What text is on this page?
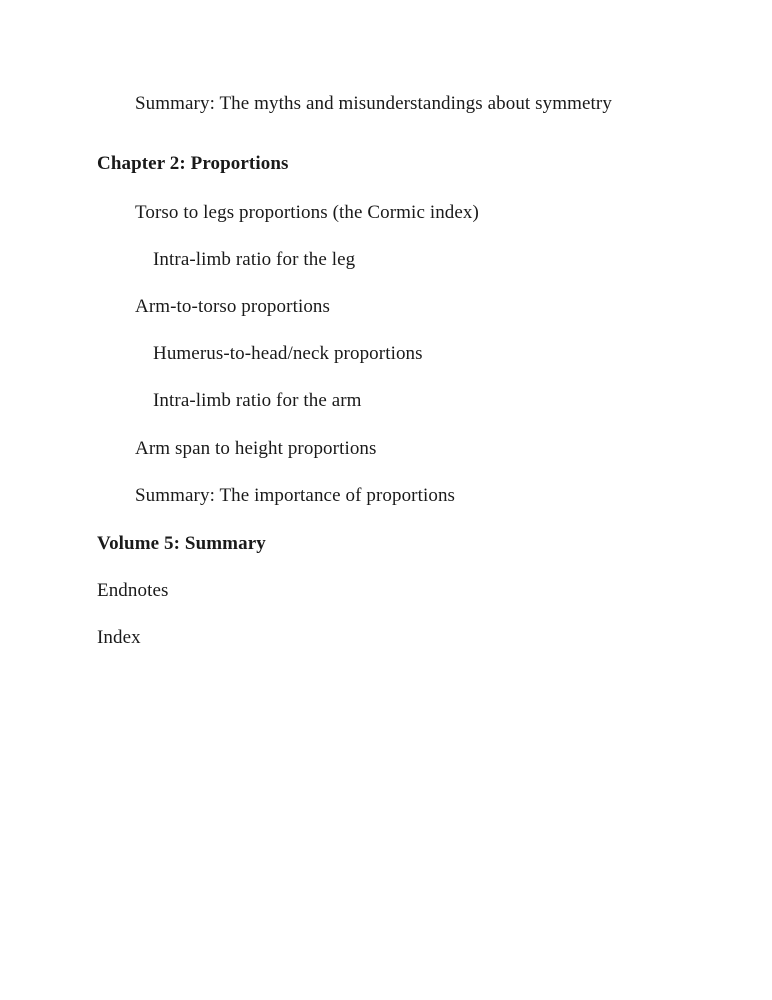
Summary: The myths and misunderstandings about symmetry
Chapter 2: Proportions
Torso to legs proportions (the Cormic index)
Intra-limb ratio for the leg
Arm-to-torso proportions
Humerus-to-head/neck proportions
Intra-limb ratio for the arm
Arm span to height proportions
Summary: The importance of proportions
Volume 5: Summary
Endnotes
Index
